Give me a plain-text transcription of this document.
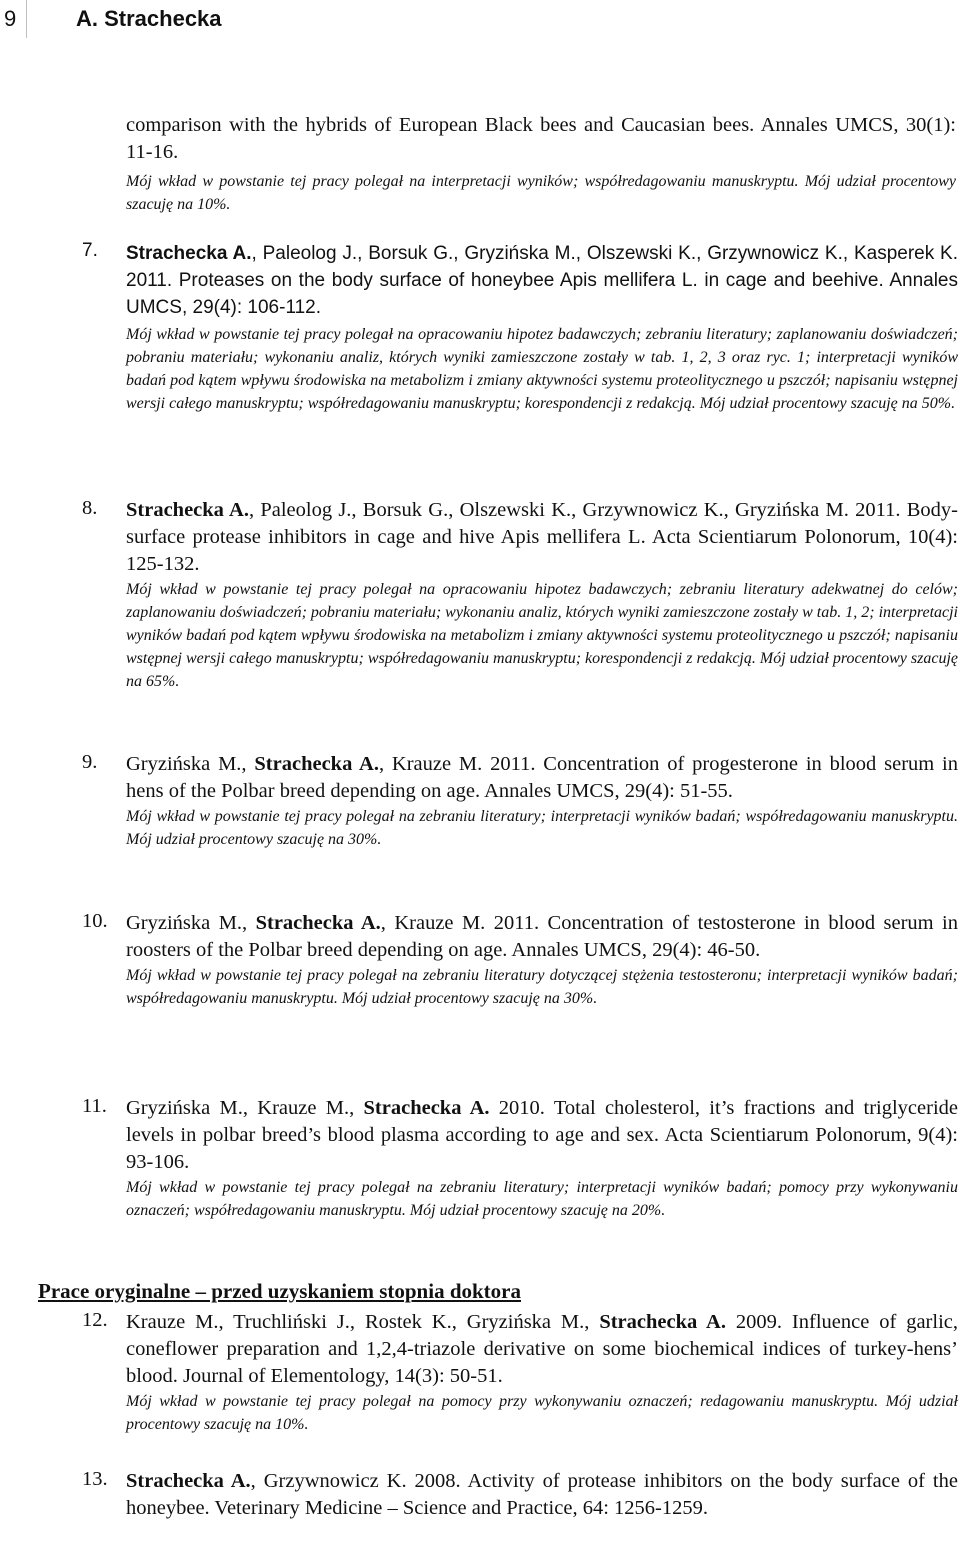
9	A. Strachecka
comparison with the hybrids of European Black bees and Caucasian bees. Annales UMCS, 30(1): 11-16.
Mój wkład w powstanie tej pracy polegał na interpretacji wyników; współredagowaniu manuskryptu. Mój udział procentowy szacuję na 10%.
7. Strachecka A., Paleolog J., Borsuk G., Gryzińska M., Olszewski K., Grzywnowicz K., Kasperek K. 2011. Proteases on the body surface of honeybee Apis mellifera L. in cage and beehive. Annales UMCS, 29(4): 106-112.
Mój wkład w powstanie tej pracy polegał na opracowaniu hipotez badawczych; zebraniu literatury; zaplanowaniu doświadczeń; pobraniu materiału; wykonaniu analiz, których wyniki zamieszczone zostały w tab. 1, 2, 3 oraz ryc. 1; interpretacji wyników badań pod kątem wpływu środowiska na metabolizm i zmiany aktywności systemu proteolitycznego u pszczół; napisaniu wstępnej wersji całego manuskryptu; współredagowaniu manuskryptu; korespondencji z redakcją. Mój udział procentowy szacuję na 50%.
8. Strachecka A., Paleolog J., Borsuk G., Olszewski K., Grzywnowicz K., Gryzińska M. 2011. Body-surface protease inhibitors in cage and hive Apis mellifera L. Acta Scientiarum Polonorum, 10(4): 125-132.
Mój wkład w powstanie tej pracy polegał na opracowaniu hipotez badawczych; zebraniu literatury adekwatnej do celów; zaplanowaniu doświadczeń; pobraniu materiału; wykonaniu analiz, których wyniki zamieszczone zostały w tab. 1, 2; interpretacji wyników badań pod kątem wpływu środowiska na metabolizm i zmiany aktywności systemu proteolitycznego u pszczół; napisaniu wstępnej wersji całego manuskryptu; współredagowaniu manuskryptu; korespondencji z redakcją. Mój udział procentowy szacuję na 65%.
9. Gryzińska M., Strachecka A., Krauze M. 2011. Concentration of progesterone in blood serum in hens of the Polbar breed depending on age. Annales UMCS, 29(4): 51-55.
Mój wkład w powstanie tej pracy polegał na zebraniu literatury; interpretacji wyników badań; współredagowaniu manuskryptu. Mój udział procentowy szacuję na 30%.
10. Gryzińska M., Strachecka A., Krauze M. 2011. Concentration of testosterone in blood serum in roosters of the Polbar breed depending on age. Annales UMCS, 29(4): 46-50.
Mój wkład w powstanie tej pracy polegał na zebraniu literatury dotyczącej stężenia testosteronu; interpretacji wyników badań; współredagowaniu manuskryptu. Mój udział procentowy szacuję na 30%.
11. Gryzińska M., Krauze M., Strachecka A. 2010. Total cholesterol, it’s fractions and triglyceride levels in polbar breed’s blood plasma according to age and sex. Acta Scientiarum Polonorum, 9(4): 93-106.
Mój wkład w powstanie tej pracy polegał na zebraniu literatury; interpretacji wyników badań; pomocy przy wykonywaniu oznaczeń; współredagowaniu manuskryptu. Mój udział procentowy szacuję na 20%.
Prace oryginalne – przed uzyskaniem stopnia doktora
12. Krauze M., Truchliński J., Rostek K., Gryzińska M., Strachecka A. 2009. Influence of garlic, coneflower preparation and 1,2,4-triazole derivative on some biochemical indices of turkey-hens’ blood. Journal of Elementology, 14(3): 50-51.
Mój wkład w powstanie tej pracy polegał na pomocy przy wykonywaniu oznaczeń; redagowaniu manuskryptu. Mój udział procentowy szacuję na 10%.
13. Strachecka A., Grzywnowicz K. 2008. Activity of protease inhibitors on the body surface of the honeybee. Veterinary Medicine – Science and Practice, 64: 1256-1259.
